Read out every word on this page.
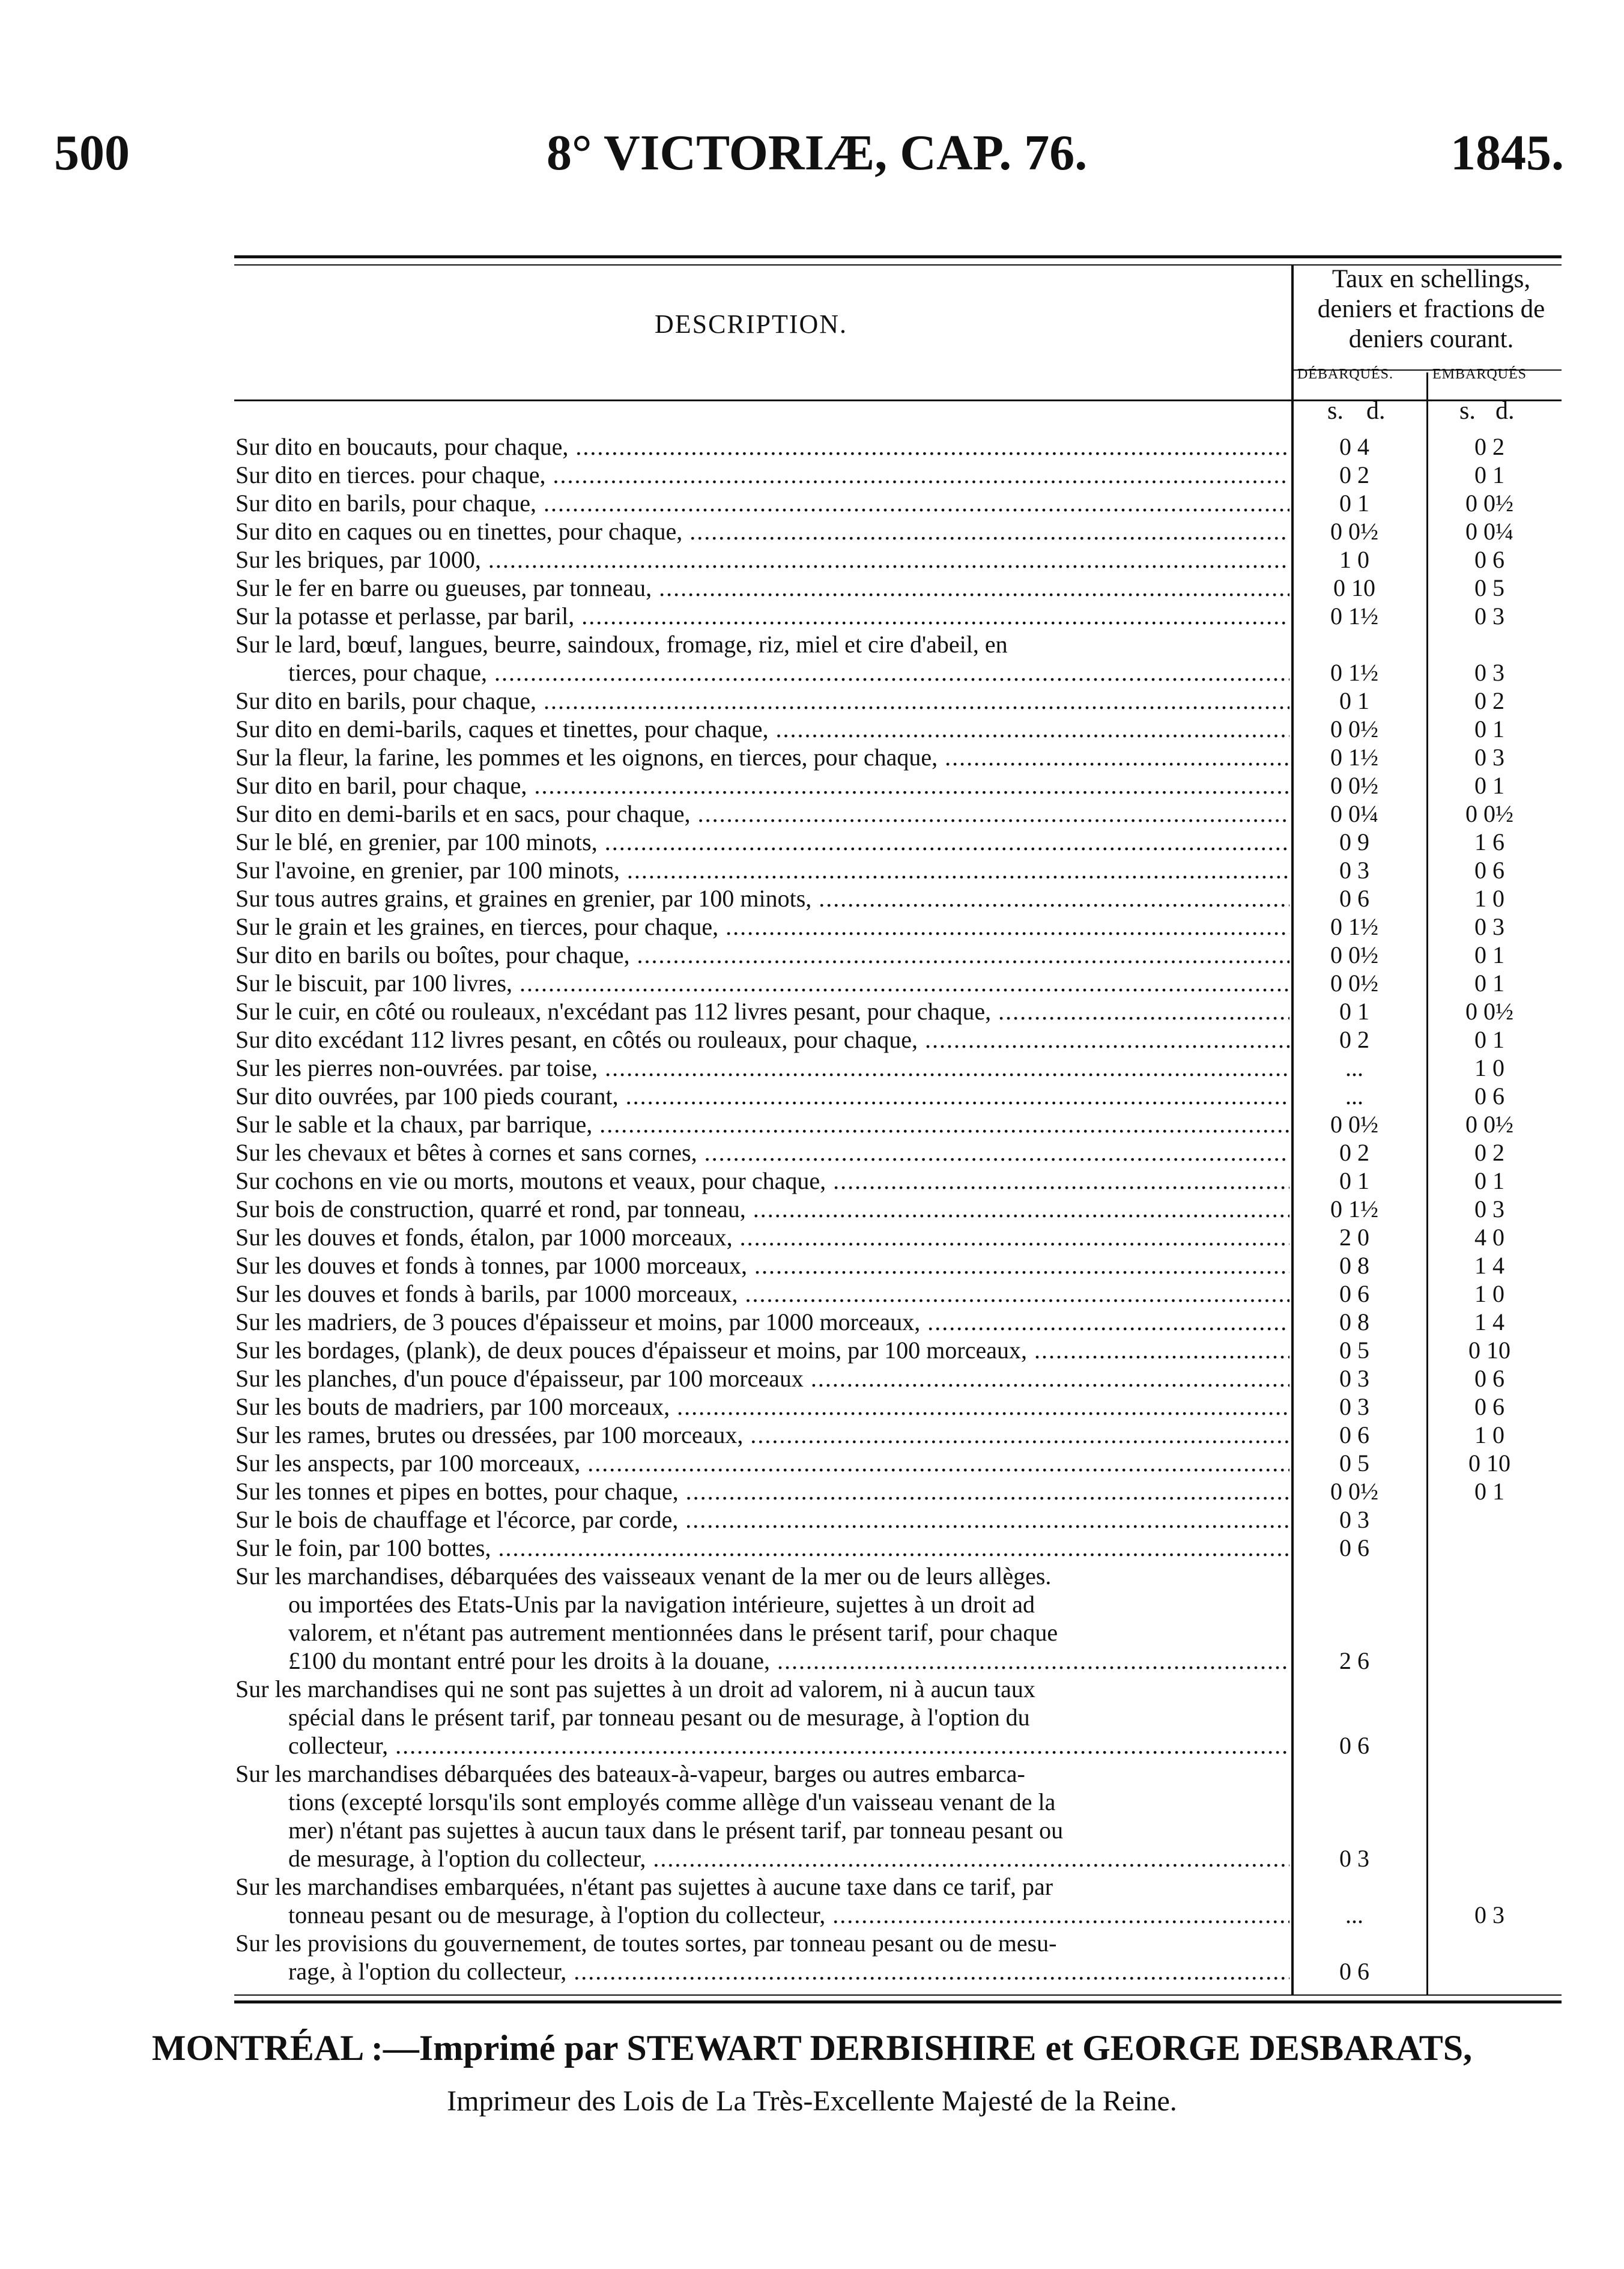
500	8° VICTORIÆ, CAP. 76.	1845.
DESCRIPTION.
Taux en schellings, deniers et fractions de deniers courant.
DÉBARQUÉS.	EMBARQUÉS
s. d.	s. d.
Sur dito en boucauts, pour chaque, .....	0 4	0 2
Sur dito en tierces. pour chaque, .....	0 2	0 1
Sur dito en barils, pour chaque, .....	0 1	0 0½
Sur dito en caques ou en tinettes, pour chaque, .....	0 0½	0 0¼
Sur les briques, par 1000, .....	1 0	0 6
Sur le fer en barre ou gueuses, par tonneau, .....	0 10	0 5
Sur la potasse et perlasse, par baril, .....	0 1½	0 3
Sur le lard, bœuf, langues, beurre, saindoux, fromage, riz, miel et cire d'abeil, en
tierces, pour chaque, .....	0 1½	0 3
Sur dito en barils, pour chaque, .....	0 1	0 2
Sur dito en demi-barils, caques et tinettes, pour chaque, .....	0 0½	0 1
Sur la fleur, la farine, les pommes et les oignons, en tierces, pour chaque, .....	0 1½	0 3
Sur dito en baril, pour chaque, .....	0 0½	0 1
Sur dito en demi-barils et en sacs, pour chaque, .....	0 0¼	0 0½
Sur le blé, en grenier, par 100 minots, .....	0 9	1 6
Sur l'avoine, en grenier, par 100 minots, .....	0 3	0 6
Sur tous autres grains, et graines en grenier, par 100 minots, .....	0 6	1 0
Sur le grain et les graines, en tierces, pour chaque, .....	0 1½	0 3
Sur dito en barils ou boîtes, pour chaque, .....	0 0½	0 1
Sur le biscuit, par 100 livres, .....	0 0½	0 1
Sur le cuir, en côté ou rouleaux, n'excédant pas 112 livres pesant, pour chaque, .....	0 1	0 0½
Sur dito excédant 112 livres pesant, en côtés ou rouleaux, pour chaque, .....	0 2	0 1
Sur les pierres non-ouvrées. par toise, .....	...	1 0
Sur dito ouvrées, par 100 pieds courant, .....	...	0 6
Sur le sable et la chaux, par barrique, .....	0 0½	0 0½
Sur les chevaux et bêtes à cornes et sans cornes, .....	0 2	0 2
Sur cochons en vie ou morts, moutons et veaux, pour chaque, .....	0 1	0 1
Sur bois de construction, quarré et rond, par tonneau, .....	0 1½	0 3
Sur les douves et fonds, étalon, par 1000 morceaux, .....	2 0	4 0
Sur les douves et fonds à tonnes, par 1000 morceaux, .....	0 8	1 4
Sur les douves et fonds à barils, par 1000 morceaux, .....	0 6	1 0
Sur les madriers, de 3 pouces d'épaisseur et moins, par 1000 morceaux, .....	0 8	1 4
Sur les bordages, (plank), de deux pouces d'épaisseur et moins, par 100 morceaux, .....	0 5	0 10
Sur les planches, d'un pouce d'épaisseur, par 100 morceaux .....	0 3	0 6
Sur les bouts de madriers, par 100 morceaux, .....	0 3	0 6
Sur les rames, brutes ou dressées, par 100 morceaux, .....	0 6	1 0
Sur les anspects, par 100 morceaux, .....	0 5	0 10
Sur les tonnes et pipes en bottes, pour chaque, .....	0 0½	0 1
Sur le bois de chauffage et l'écorce, par corde, .....	0 3
Sur le foin, par 100 bottes, .....	0 6
Sur les marchandises, débarquées des vaisseaux venant de la mer ou de leurs allèges.
ou importées des Etats-Unis par la navigation intérieure, sujettes à un droit ad
valorem, et n'étant pas autrement mentionnées dans le présent tarif, pour chaque
£100 du montant entré pour les droits à la douane, .....	2 6
Sur les marchandises qui ne sont pas sujettes à un droit ad valorem, ni à aucun taux
spécial dans le présent tarif, par tonneau pesant ou de mesurage, à l'option du
collecteur, .....	0 6
Sur les marchandises débarquées des bateaux-à-vapeur, barges ou autres embarca-
tions (excepté lorsqu'ils sont employés comme allège d'un vaisseau venant de la
mer) n'étant pas sujettes à aucun taux dans le présent tarif, par tonneau pesant ou
de mesurage, à l'option du collecteur, .....	0 3
Sur les marchandises embarquées, n'étant pas sujettes à aucune taxe dans ce tarif, par
tonneau pesant ou de mesurage, à l'option du collecteur, .....	...	0 3
Sur les provisions du gouvernement, de toutes sortes, par tonneau pesant ou de mesu-
rage, à l'option du collecteur, .....	0 6
MONTRÉAL :—Imprimé par STEWART DERBISHIRE et GEORGE DESBARATS,
Imprimeur des Lois de La Très-Excellente Majesté de la Reine.
